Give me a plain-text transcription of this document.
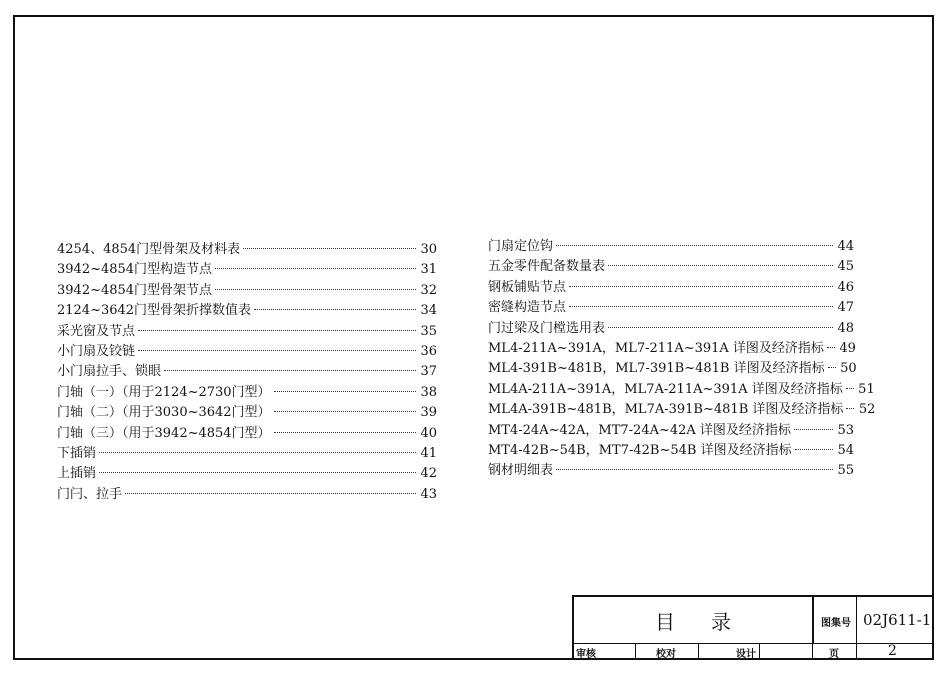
4254、4854门型骨架及材料表	30
3942~4854门型构造节点	31
3942~4854门型骨架节点	32
2124~3642门型骨架折撑数值表	34
采光窗及节点	35
小门扇及铰链	36
小门扇拉手、锁眼	37
门轴（一）（用于2124~2730门型）	38
门轴（二）（用于3030~3642门型）	39
门轴（三）（用于3942~4854门型）	40
下插销	41
上插销	42
门闩、拉手	43
门扇定位钩	44
五金零件配备数量表	45
钢板铺贴节点	46
密缝构造节点	47
门过梁及门樘选用表	48
ML4-211A~391A，ML7-211A~391A 详图及经济指标 49
ML4-391B~481B，ML7-391B~481B 详图及经济指标 50
ML4A-211A~391A，ML7A-211A~391A 详图及经济指标 51
ML4A-391B~481B，ML7A-391B~481B 详图及经济指标 52
MT4-24A~42A，MT7-24A~42A 详图及经济指标	53
MT4-42B~54B，MT7-42B~54B 详图及经济指标	54
钢材明细表	55
目录	图集号 02J611-1
审核	校对	设计	页	2
